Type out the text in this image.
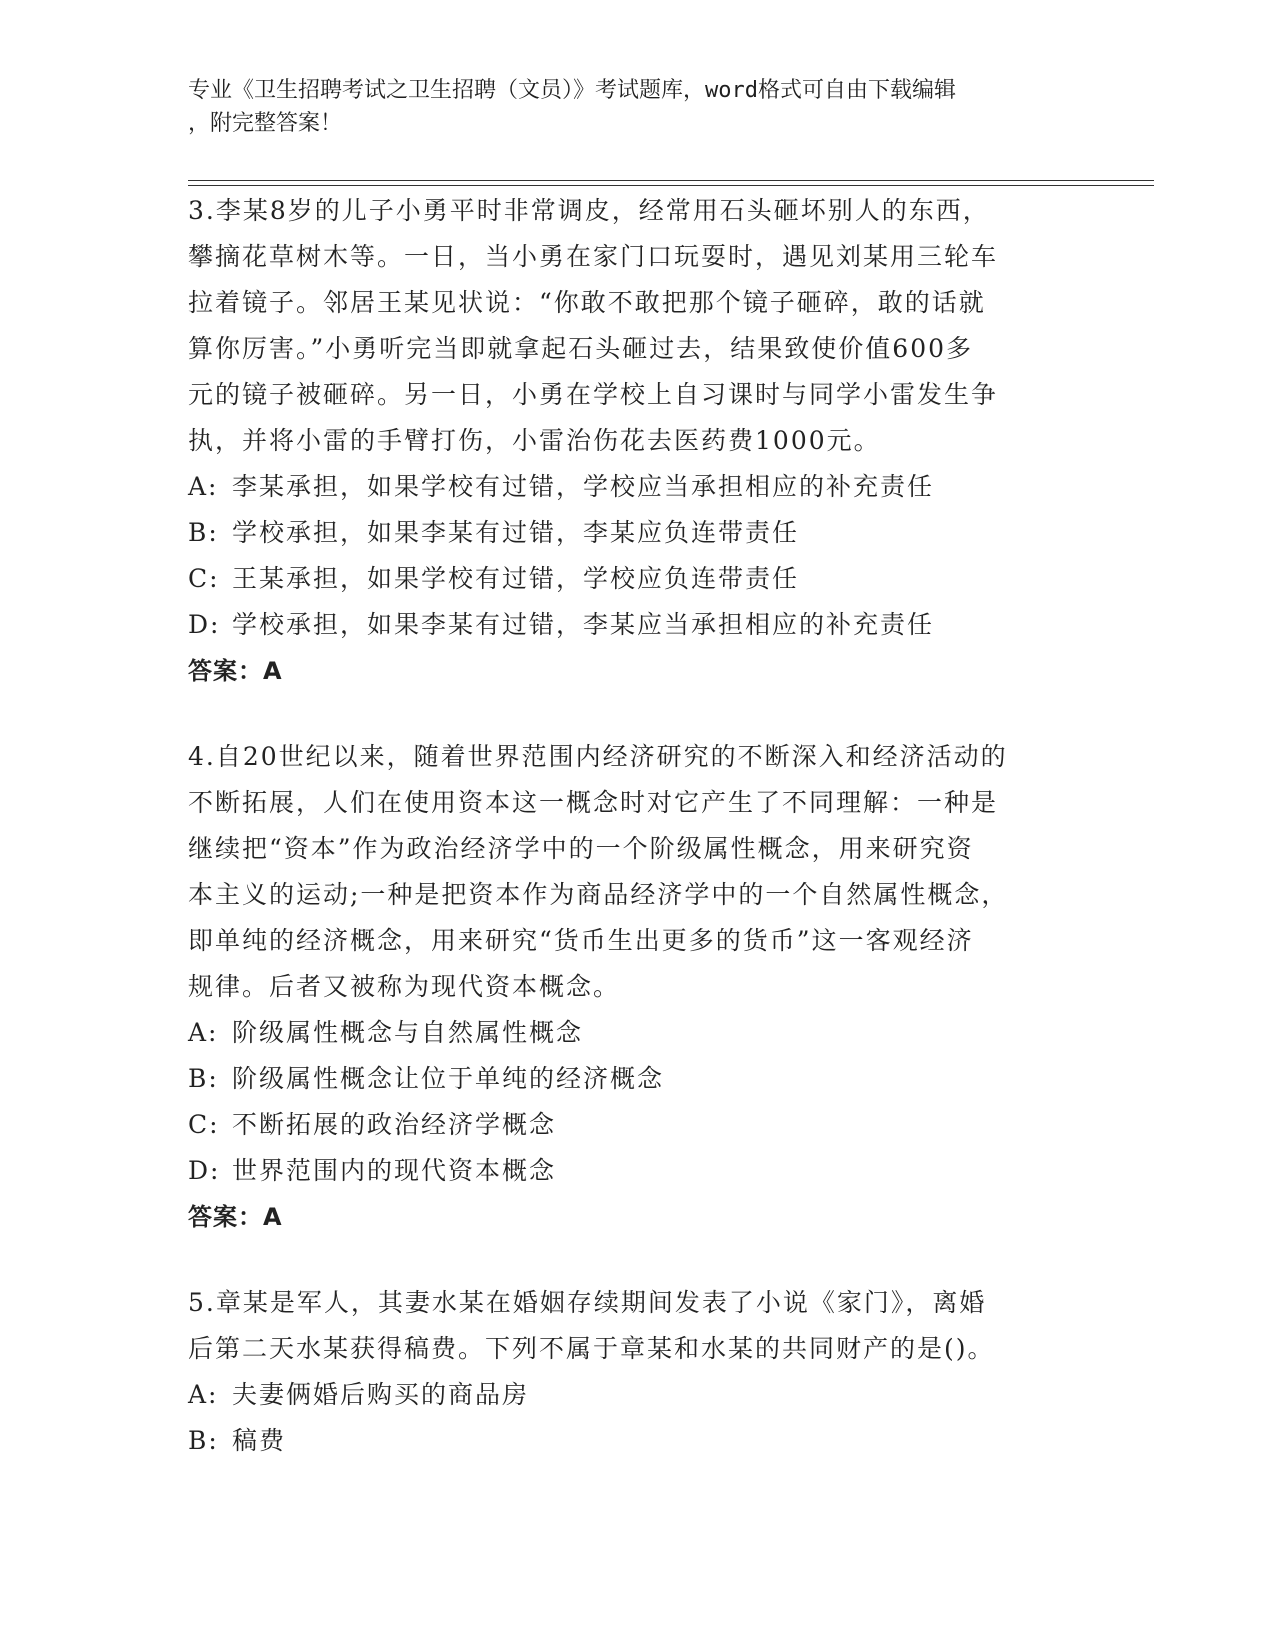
专业《卫生招聘考试之卫生招聘（文员）》考试题库，word格式可自由下载编辑

，附完整答案！

3.李某8岁的儿子小勇平时非常调皮，经常用石头砸坏别人的东西，

攀摘花草树木等。一日，当小勇在家门口玩耍时，遇见刘某用三轮车

拉着镜子。邻居王某见状说：“你敢不敢把那个镜子砸碎，敢的话就

算你厉害。”小勇听完当即就拿起石头砸过去，结果致使价值600多

元的镜子被砸碎。另一日，小勇在学校上自习课时与同学小雷发生争

执，并将小雷的手臂打伤，小雷治伤花去医药费1000元。

A: 李某承担，如果学校有过错，学校应当承担相应的补充责任

B: 学校承担，如果李某有过错，李某应负连带责任

C: 王某承担，如果学校有过错，学校应负连带责任

D: 学校承担，如果李某有过错，李某应当承担相应的补充责任

答案：A

4.自20世纪以来，随着世界范围内经济研究的不断深入和经济活动的

不断拓展，人们在使用资本这一概念时对它产生了不同理解：一种是

继续把“资本”作为政治经济学中的一个阶级属性概念，用来研究资

本主义的运动;一种是把资本作为商品经济学中的一个自然属性概念，

即单纯的经济概念，用来研究“货币生出更多的货币”这一客观经济

规律。后者又被称为现代资本概念。

A: 阶级属性概念与自然属性概念

B: 阶级属性概念让位于单纯的经济概念

C: 不断拓展的政治经济学概念

D: 世界范围内的现代资本概念

答案：A

5.章某是军人，其妻水某在婚姻存续期间发表了小说《家门》，离婚

后第二天水某获得稿费。下列不属于章某和水某的共同财产的是()。

A: 夫妻俩婚后购买的商品房

B: 稿费
